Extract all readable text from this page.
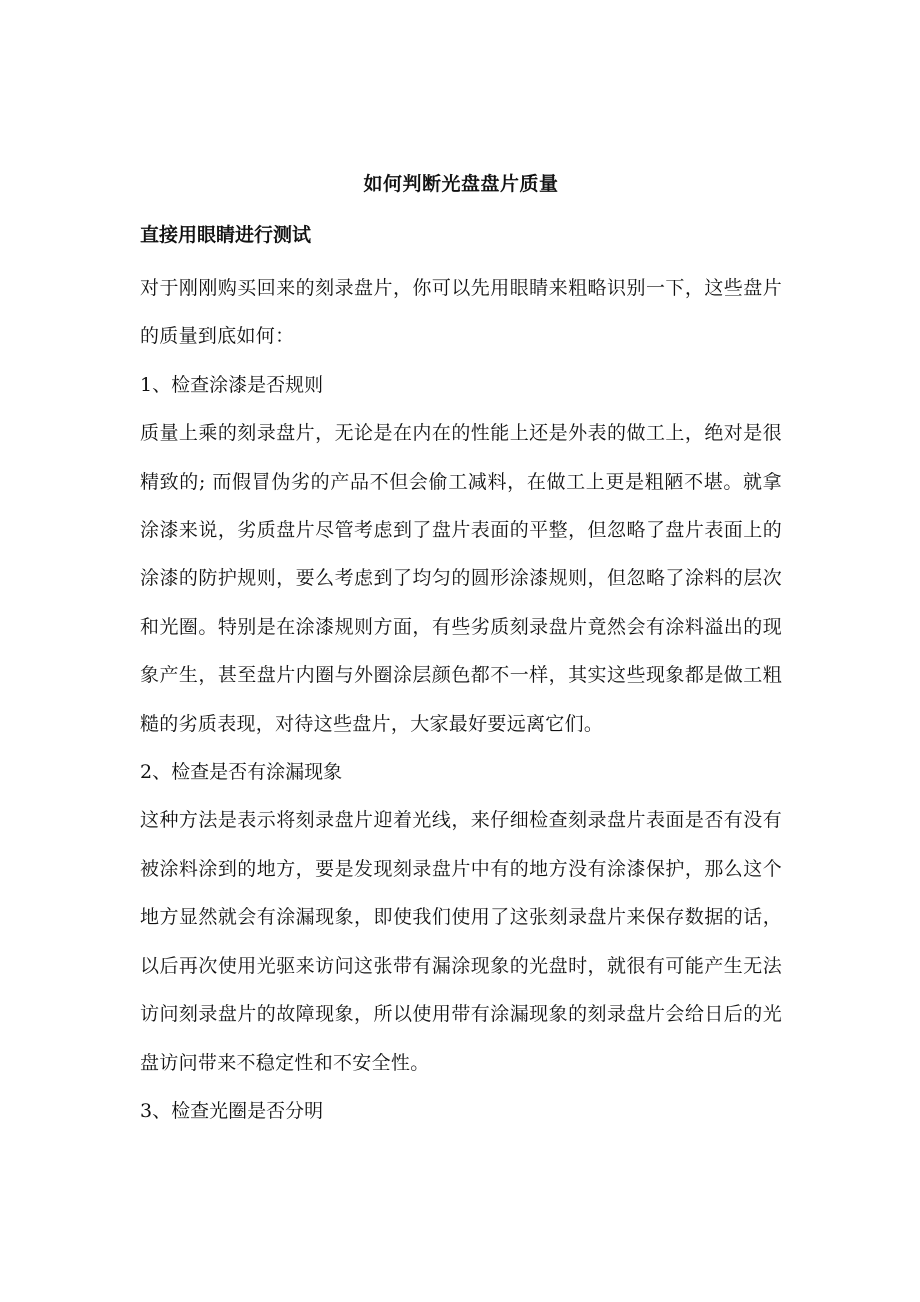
如何判断光盘盘片质量
直接用眼睛进行测试

对于刚刚购买回来的刻录盘片，你可以先用眼睛来粗略识别一下，这些盘片的质量到底如何：

1、检查涂漆是否规则

质量上乘的刻录盘片，无论是在内在的性能上还是外表的做工上，绝对是很精致的; 而假冒伪劣的产品不但会偷工减料，在做工上更是粗陋不堪。就拿涂漆来说，劣质盘片尽管考虑到了盘片表面的平整，但忽略了盘片表面上的涂漆的防护规则，要么考虑到了均匀的圆形涂漆规则，但忽略了涂料的层次和光圈。特别是在涂漆规则方面，有些劣质刻录盘片竟然会有涂料溢出的现象产生，甚至盘片内圈与外圈涂层颜色都不一样，其实这些现象都是做工粗糙的劣质表现，对待这些盘片，大家最好要远离它们。

2、检查是否有涂漏现象

这种方法是表示将刻录盘片迎着光线，来仔细检查刻录盘片表面是否有没有被涂料涂到的地方，要是发现刻录盘片中有的地方没有涂漆保护，那么这个地方显然就会有涂漏现象，即使我们使用了这张刻录盘片来保存数据的话，以后再次使用光驱来访问这张带有漏涂现象的光盘时，就很有可能产生无法访问刻录盘片的故障现象，所以使用带有涂漏现象的刻录盘片会给日后的光盘访问带来不稳定性和不安全性。

3、检查光圈是否分明
